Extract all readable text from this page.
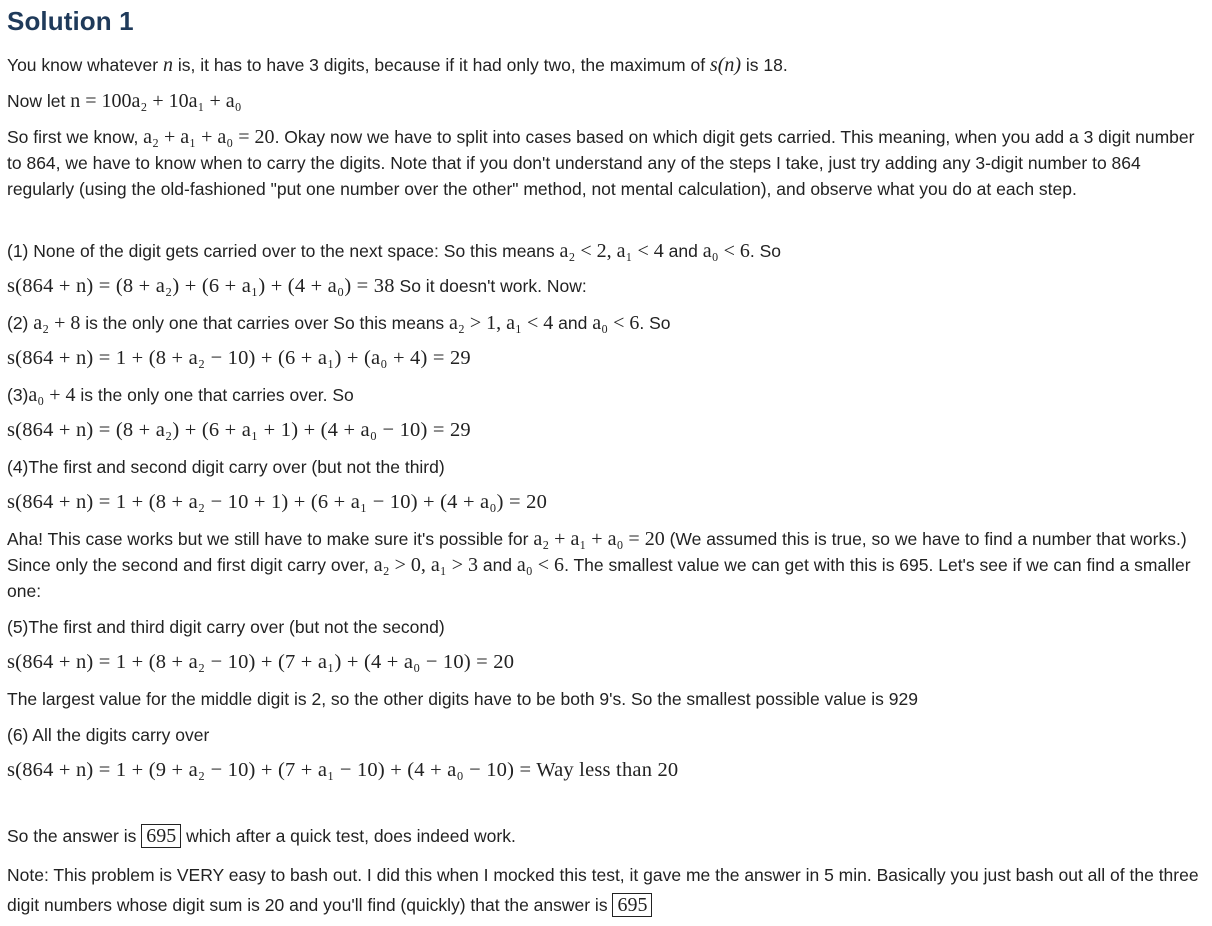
Solution 1

You know whatever n is, it has to have 3 digits, because if it had only two, the maximum of s(n) is 18.

Now let n = 100a₂ + 10a₁ + a₀

So first we know, a₂ + a₁ + a₀ = 20. Okay now we have to split into cases based on which digit gets carried. This meaning, when you add a 3 digit number to 864, we have to know when to carry the digits. Note that if you don't understand any of the steps I take, just try adding any 3-digit number to 864 regularly (using the old-fashioned "put one number over the other" method, not mental calculation), and observe what you do at each step.

(1) None of the digit gets carried over to the next space: So this means a₂ < 2, a₁ < 4 and a₀ < 6. So

s(864 + n) = (8 + a₂) + (6 + a₁) + (4 + a₀) = 38 So it doesn't work. Now:

(2) a₂ + 8 is the only one that carries over So this means a₂ > 1, a₁ < 4 and a₀ < 6. So

s(864 + n) = 1 + (8 + a₂ − 10) + (6 + a₁) + (a₀ + 4) = 29

(3)a₀ + 4 is the only one that carries over. So

s(864 + n) = (8 + a₂) + (6 + a₁ + 1) + (4 + a₀ − 10) = 29

(4)The first and second digit carry over (but not the third)

s(864 + n) = 1 + (8 + a₂ − 10 + 1) + (6 + a₁ − 10) + (4 + a₀) = 20

Aha! This case works but we still have to make sure it's possible for a₂ + a₁ + a₀ = 20 (We assumed this is true, so we have to find a number that works.) Since only the second and first digit carry over, a₂ > 0, a₁ > 3 and a₀ < 6. The smallest value we can get with this is 695. Let's see if we can find a smaller one:

(5)The first and third digit carry over (but not the second)

s(864 + n) = 1 + (8 + a₂ − 10) + (7 + a₁) + (4 + a₀ − 10) = 20

The largest value for the middle digit is 2, so the other digits have to be both 9's. So the smallest possible value is 929

(6) All the digits carry over

s(864 + n) = 1 + (9 + a₂ − 10) + (7 + a₁ − 10) + (4 + a₀ − 10) = Way less than 20

So the answer is 695 which after a quick test, does indeed work.

Note: This problem is VERY easy to bash out. I did this when I mocked this test, it gave me the answer in 5 min. Basically you just bash out all of the three digit numbers whose digit sum is 20 and you'll find (quickly) that the answer is 695
